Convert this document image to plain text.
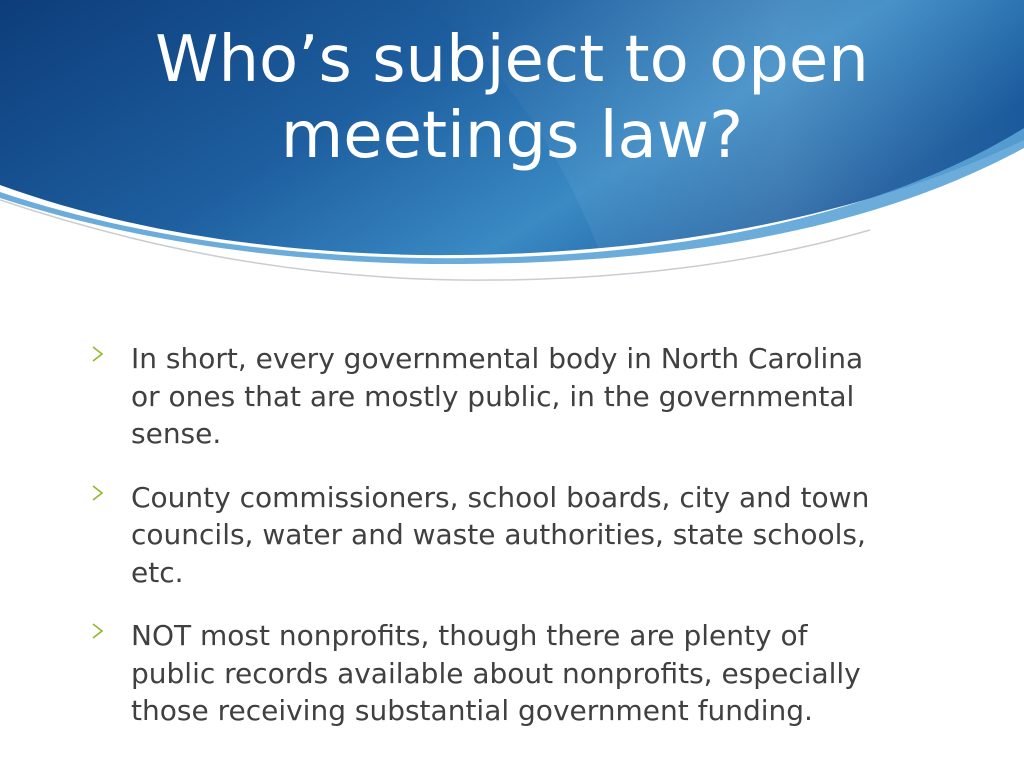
Who’s subject to open
meetings law?
In short, every governmental body in North Carolina
or ones that are mostly public, in the governmental
sense.
County commissioners, school boards, city and town
councils, water and waste authorities, state schools,
etc.
NOT most nonprofits, though there are plenty of
public records available about nonprofits, especially
those receiving substantial government funding.
